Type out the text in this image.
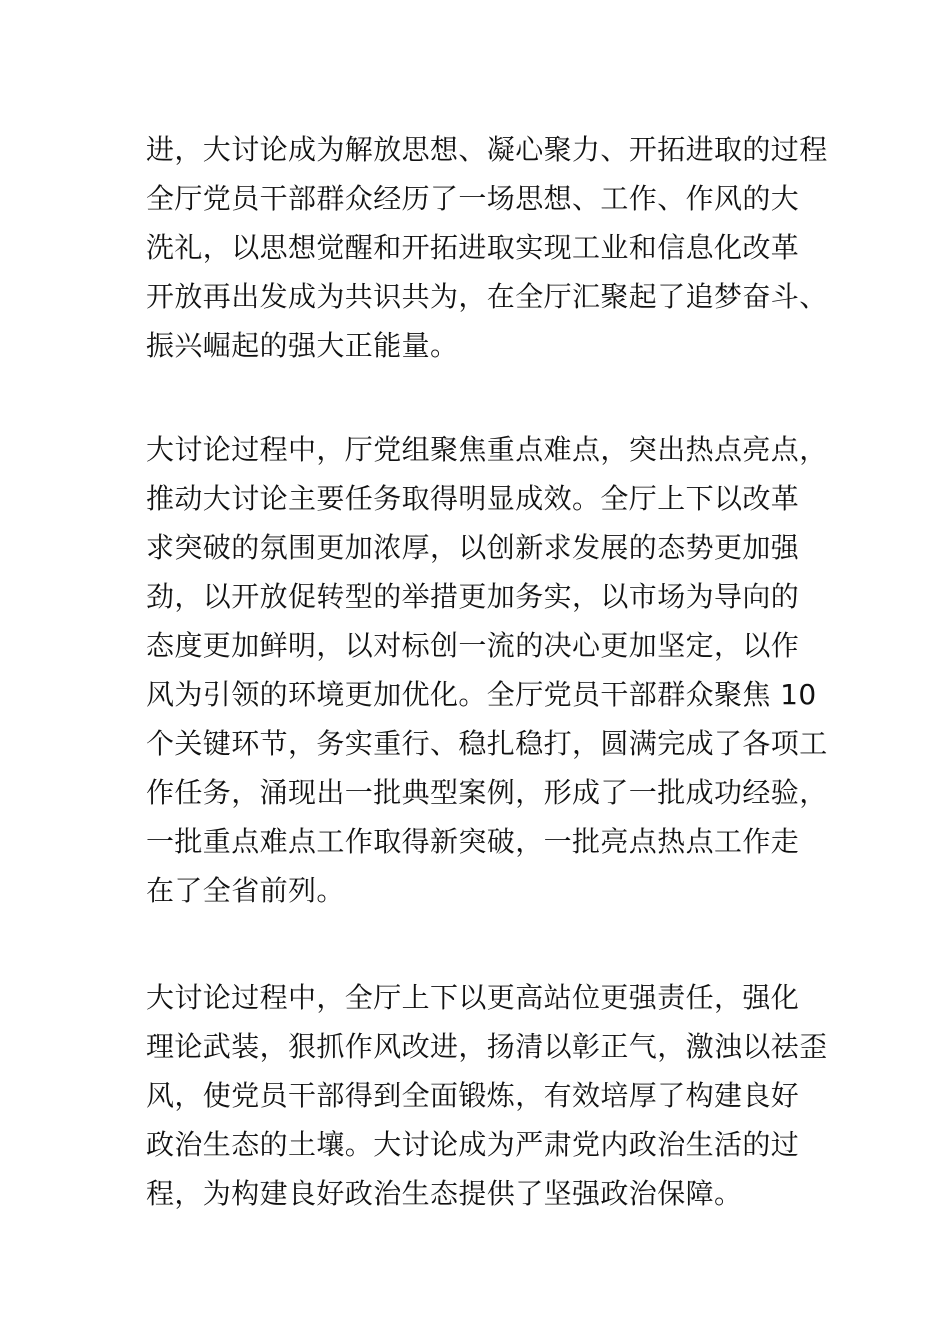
进，大讨论成为解放思想、凝心聚力、开拓进取的过程
全厅党员干部群众经历了一场思想、工作、作风的大
洗礼，以思想觉醒和开拓进取实现工业和信息化改革
开放再出发成为共识共为，在全厅汇聚起了追梦奋斗、
振兴崛起的强大正能量。
大讨论过程中，厅党组聚焦重点难点，突出热点亮点，
推动大讨论主要任务取得明显成效。全厅上下以改革
求突破的氛围更加浓厚，以创新求发展的态势更加强
劲，以开放促转型的举措更加务实，以市场为导向的
态度更加鲜明，以对标创一流的决心更加坚定，以作
风为引领的环境更加优化。全厅党员干部群众聚焦 10
个关键环节，务实重行、稳扎稳打，圆满完成了各项工
作任务，涌现出一批典型案例，形成了一批成功经验，
一批重点难点工作取得新突破，一批亮点热点工作走
在了全省前列。
大讨论过程中，全厅上下以更高站位更强责任，强化
理论武装，狠抓作风改进，扬清以彰正气，激浊以祛歪
风，使党员干部得到全面锻炼，有效培厚了构建良好
政治生态的土壤。大讨论成为严肃党内政治生活的过
程，为构建良好政治生态提供了坚强政治保障。
